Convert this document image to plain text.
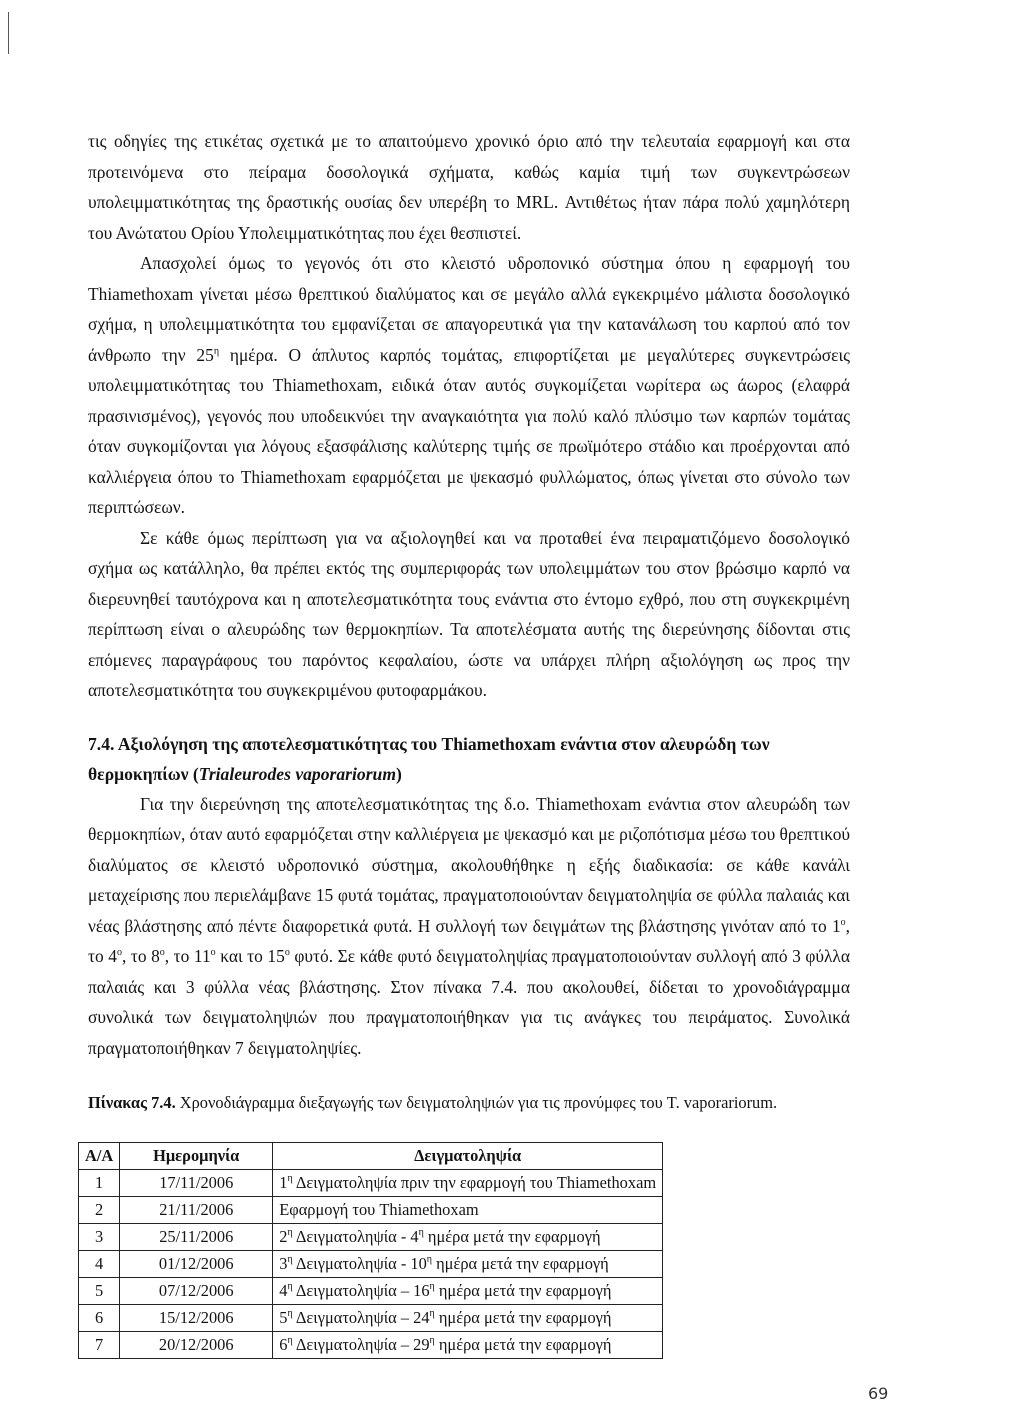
τις οδηγίες της ετικέτας σχετικά με το απαιτούμενο χρονικό όριο από την τελευταία εφαρμογή και στα προτεινόμενα στο πείραμα δοσολογικά σχήματα, καθώς καμία τιμή των συγκεντρώσεων υπολειμματικότητας της δραστικής ουσίας δεν υπερέβη το MRL. Αντιθέτως ήταν πάρα πολύ χαμηλότερη του Ανώτατου Ορίου Υπολειμματικότητας που έχει θεσπιστεί.

Απασχολεί όμως το γεγονός ότι στο κλειστό υδροπονικό σύστημα όπου η εφαρμογή του Thiamethoxam γίνεται μέσω θρεπτικού διαλύματος και σε μεγάλο αλλά εγκεκριμένο μάλιστα δοσολογικό σχήμα, η υπολειμματικότητα του εμφανίζεται σε απαγορευτικά για την κατανάλωση του καρπού από τον άνθρωπο την $25^\eta$ ημέρα. Ο άπλυτος καρπός τομάτας, επιφορτίζεται με μεγαλύτερες συγκεντρώσεις υπολειμματικότητας του Thiamethoxam, ειδικά όταν αυτός συγκομίζεται νωρίτερα ως άωρος (ελαφρά πρασινισμένος), γεγονός που υποδεικνύει την αναγκαιότητα για πολύ καλό πλύσιμο των καρπών τομάτας όταν συγκομίζονται για λόγους εξασφάλισης καλύτερης τιμής σε πρωϊμότερο στάδιο και προέρχονται από καλλιέργεια όπου το Thiamethoxam εφαρμόζεται με ψεκασμό φυλλώματος, όπως γίνεται στο σύνολο των περιπτώσεων.

Σε κάθε όμως περίπτωση για να αξιολογηθεί και να προταθεί ένα πειραματιζόμενο δοσολογικό σχήμα ως κατάλληλο, θα πρέπει εκτός της συμπεριφοράς των υπολειμμάτων του στον βρώσιμο καρπό να διερευνηθεί ταυτόχρονα και η αποτελεσματικότητα τους ενάντια στο έντομο εχθρό, που στη συγκεκριμένη περίπτωση είναι ο αλευρώδης των θερμοκηπίων. Τα αποτελέσματα αυτής της διερεύνησης δίδονται στις επόμενες παραγράφους του παρόντος κεφαλαίου, ώστε να υπάρχει πλήρη αξιολόγηση ως προς την αποτελεσματικότητα του συγκεκριμένου φυτοφαρμάκου.

7.4. Αξιολόγηση της αποτελεσματικότητας του Thiamethoxam ενάντια στον αλευρώδη των θερμοκηπίων (Trialeurodes vaporariorum)

Για την διερεύνηση της αποτελεσματικότητας της δ.ο. Thiamethoxam ενάντια στον αλευρώδη των θερμοκηπίων, όταν αυτό εφαρμόζεται στην καλλιέργεια με ψεκασμό και με ριζοπότισμα μέσω του θρεπτικού διαλύματος σε κλειστό υδροπονικό σύστημα, ακολουθήθηκε η εξής διαδικασία: σε κάθε κανάλι μεταχείρισης που περιελάμβανε 15 φυτά τομάτας, πραγματοποιούνταν δειγματοληψία σε φύλλα παλαιάς και νέας βλάστησης από πέντε διαφορετικά φυτά. Η συλλογή των δειγμάτων της βλάστησης γινόταν από το $1^o$, το $4^o$, το $8^o$, το $11^o$ και το $15^o$ φυτό. Σε κάθε φυτό δειγματοληψίας πραγματοποιούνταν συλλογή από 3 φύλλα παλαιάς και 3 φύλλα νέας βλάστησης. Στον πίνακα 7.4. που ακολουθεί, δίδεται το χρονοδιάγραμμα συνολικά των δειγματοληψιών που πραγματοποιήθηκαν για τις ανάγκες του πειράματος. Συνολικά πραγματοποιήθηκαν 7 δειγματοληψίες.

Πίνακας 7.4. Χρονοδιάγραμμα διεξαγωγής των δειγματοληψιών για τις προνύμφες του T. vaporariorum.
Α/Α	Ημερομηνία	Δειγματοληψία
1	17/11/2006	$1^\eta$ Δειγματοληψία πριν την εφαρμογή του Thiamethoxam
2	21/11/2006	Εφαρμογή του Thiamethoxam
3	25/11/2006	$2^\eta$ Δειγματοληψία - $4^\eta$ ημέρα μετά την εφαρμογή
4	01/12/2006	$3^\eta$ Δειγματοληψία - $10^\eta$ ημέρα μετά την εφαρμογή
5	07/12/2006	$4^\eta$ Δειγματοληψία – $16^\eta$ ημέρα μετά την εφαρμογή
6	15/12/2006	$5^\eta$ Δειγματοληψία – $24^\eta$ ημέρα μετά την εφαρμογή
7	20/12/2006	$6^\eta$ Δειγματοληψία – $29^\eta$ ημέρα μετά την εφαρμογή
69
